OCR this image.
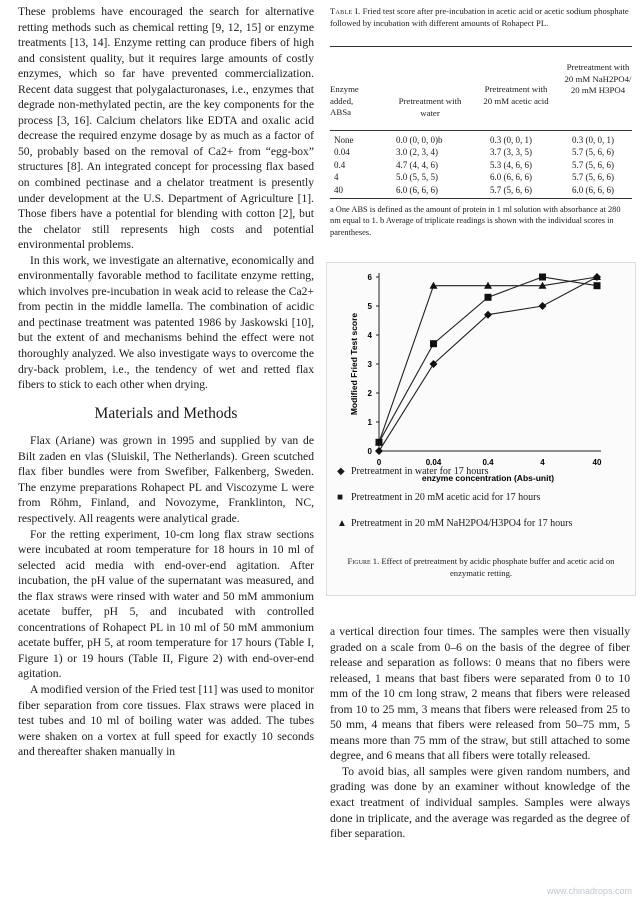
These problems have encouraged the search for alternative retting methods such as chemical retting [9, 12, 15] or enzyme treatments [13, 14]. Enzyme retting can produce fibers of high and consistent quality, but it requires large amounts of costly enzymes, which so far have prevented commercialization. Recent data suggest that polygalacturonases, i.e., enzymes that degrade non-methylated pectin, are the key components for the process [3, 16]. Calcium chelators like EDTA and oxalic acid decrease the required enzyme dosage by as much as a factor of 50, probably based on the removal of Ca2+ from “egg-box” structures [8]. An integrated concept for processing flax based on combined pectinase and a chelator treatment is presently under development at the U.S. Department of Agriculture [1]. Those fibers have a potential for blending with cotton [2], but the chelator still represents high costs and potential environmental problems.

In this work, we investigate an alternative, economically and environmentally favorable method to facilitate enzyme retting, which involves pre-incubation in weak acid to release the Ca2+ from pectin in the middle lamella. The combination of acidic and pectinase treatment was patented 1986 by Jaskowski [10], but the extent of and mechanisms behind the effect were not thoroughly analyzed. We also investigate ways to overcome the dry-back problem, i.e., the tendency of wet and retted flax fibers to stick to each other when drying.

Materials and Methods

Flax (Ariane) was grown in 1995 and supplied by van de Bilt zaden en vlas (Sluiskil, The Netherlands). Green scutched flax fiber bundles were from Swefiber, Falkenberg, Sweden. The enzyme preparations Rohapect PL and Viscozyme L were from Röhm, Finland, and Novozyme, Franklinton, NC, respectively. All reagents were analytical grade.

For the retting experiment, 10-cm long flax straw sections were incubated at room temperature for 18 hours in 10 ml of selected acid media with end-over-end agitation. After incubation, the pH value of the supernatant was measured, and the flax straws were rinsed with water and 50 mM ammonium acetate buffer, pH 5, and incubated with controlled concentrations of Rohapect PL in 10 ml of 50 mM ammonium acetate buffer, pH 5, at room temperature for 17 hours (Table I, Figure 1) or 19 hours (Table II, Figure 2) with end-over-end agitation.

A modified version of the Fried test [11] was used to monitor fiber separation from core tissues. Flax straws were placed in test tubes and 10 ml of boiling water was added. The tubes were shaken on a vortex at full speed for exactly 10 seconds and thereafter shaken manually in

Table I. Fried test score after pre-incubation in acetic acid or acetic sodium phosphate followed by incubation with different amounts of Rohapect PL.
Enzyme added, ABSa
Pretreatment with water
Pretreatment with 20 mM acetic acid
Pretreatment with 20 mM NaH2PO4/ 20 mM H3PO4
None	0.0 (0, 0, 0)b	0.3 (0, 0, 1)	0.3 (0, 0, 1)
0.04	3.0 (2, 3, 4)	3.7 (3, 3, 5)	5.7 (5, 6, 6)
0.4	4.7 (4, 4, 6)	5.3 (4, 6, 6)	5.7 (5, 6, 6)
4	5.0 (5, 5, 5)	6.0 (6, 6, 6)	5.7 (5, 6, 6)
40	6.0 (6, 6, 6)	5.7 (5, 6, 6)	6.0 (6, 6, 6)
a One ABS is defined as the amount of protein in 1 ml solution with absorbance at 280 nm equal to 1. b Average of triplicate readings is shown with the individual scores in parentheses.
0
1
2
3
4
5
6
0	0.04	0.4	4	40
enzyme concentration (Abs-unit)
Modified Fried Test score
◆ Pretreatment in water for 17 hours
■ Pretreatment in 20 mM acetic acid for 17 hours
▲ Pretreatment in 20 mM NaH2PO4/H3PO4 for 17 hours
Figure 1. Effect of pretreatment by acidic phosphate buffer and acetic acid on enzymatic retting.

a vertical direction four times. The samples were then visually graded on a scale from 0–6 on the basis of the degree of fiber release and separation as follows: 0 means that no fibers were released, 1 means that bast fibers were separated from 0 to 10 mm of the 10 cm long straw, 2 means that fibers were released from 10 to 25 mm, 3 means that fibers were released from 25 to 50 mm, 4 means that fibers were released from 50–75 mm, 5 means more than 75 mm of the straw, but still attached to some degree, and 6 means that all fibers were totally released.

To avoid bias, all samples were given random numbers, and grading was done by an examiner without knowledge of the exact treatment of individual samples. Samples were always done in triplicate, and the average was regarded as the degree of fiber separation.

www.chinadrops.com
